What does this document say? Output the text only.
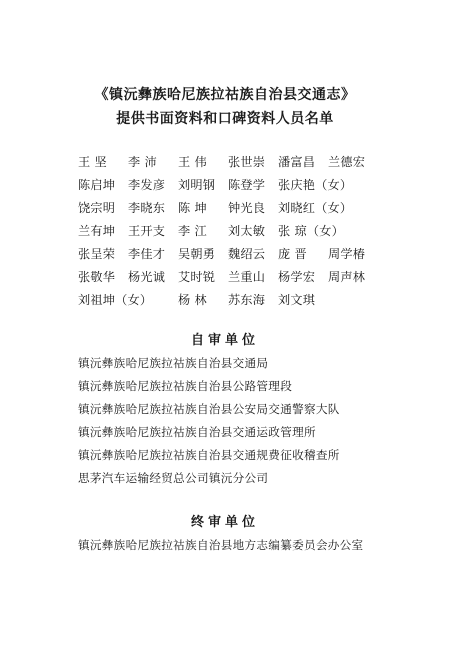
《镇沅彝族哈尼族拉祜族自治县交通志》
提供书面资料和口碑资料人员名单
王 坚	李 沛	王 伟	张世崇	潘富昌	兰德宏
陈启坤	李发彦	刘明钢	陈登学	张庆艳（女）
饶宗明	李晓东	陈 坤	钟光良	刘晓红（女）
兰有坤	王开支	李 江	刘太敏	张 琼（女）
张呈荣	李佳才	吴朝勇	魏绍云	庞 晋	周学椿
张敬华	杨光诚	艾时锐	兰重山	杨学宏	周声林
刘祖坤（女）	杨 林	苏东海	刘文琪
自审单位
镇沅彝族哈尼族拉祜族自治县交通局
镇沅彝族哈尼族拉祜族自治县公路管理段
镇沅彝族哈尼族拉祜族自治县公安局交通警察大队
镇沅彝族哈尼族拉祜族自治县交通运政管理所
镇沅彝族哈尼族拉祜族自治县交通规费征收稽查所
思茅汽车运输经贸总公司镇沅分公司
终审单位
镇沅彝族哈尼族拉祜族自治县地方志编纂委员会办公室
